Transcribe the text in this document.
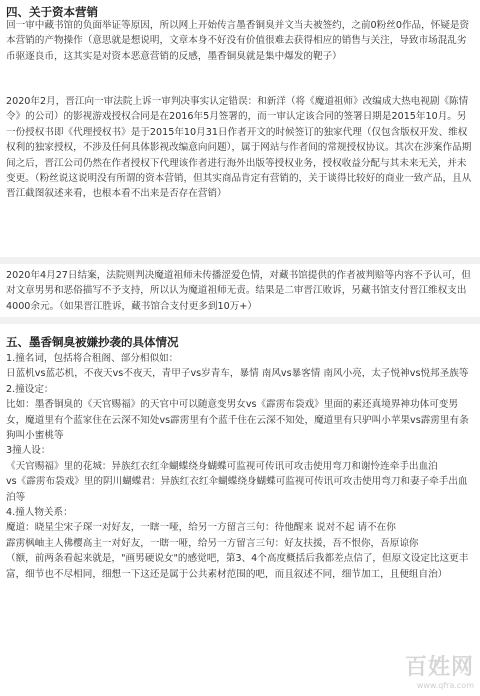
四、关于资本营销
回一审中藏书馆的负面举证等原因，所以网上开始传言墨香铜臭并文当夫被签约，之前0粉丝0作品，怀疑是资本营销的产物操作（意思就是想说明，文章本身不好没有价值很难去获得相应的销售与关注，导致市场混乱劣币驱逐良币，这其实是对资本恶意营销的反感，墨香铜臭就是集中爆发的靶子）
2020年2月，晋江向一审法院上诉一审判决事实认定错误：和新洋（将《魔道祖师》改编成大热电视剧《陈情令》的公司）的影视游戏授权合同是在2016年5月签署的，而一审认定该合同的签署日期是2015年10月。另一份授权书即《代理授权书》是于2015年10月31日作者开文的时候签订的独家代理（仅包含版权开发、维权权利的独家授权，不涉及任何具体影视改编意向问题），属于网站与作者间的常规授权协议。其次在涉案作品期间之后，晋江公司仍然在作者授权下代理该作者进行海外出版等授权业务，授权收益分配与其未来无关，并未变更。（粉丝说这说明没有所谓的资本营销，但其实商品肯定有营销的，关于谈得比较好的商业一致产品，且从晋江截图叙述来看，也根本看不出来是否存在营销）
2020年4月27日结案，法院则判决魔道祖师未传播涩爱色情，对藏书馆提供的作者被判赔等内容不予认可，但对文章男男和恶俗描写不予支持，所以认为魔道祖师无责。结果是二审晋江败诉，另藏书馆支付晋江维权支出4000余元。（如果晋江胜诉，藏书馆合支付更多到10万+）
五、墨香铜臭被嫌抄袭的具体情况
1.撞名词，包括将合租阁、部分相似如：
日蓝机vs蓝芯机，不夜天vs不夜天，青甲子vs岁青车，暴情 南风vs暴客情 南风小亮，太子悦神vs悦邦圣族等
2.撞设定：
比如：墨香铜臭的《天官赐福》的天官中可以随意变男女vs《霹雳布袋戏》里面的素还真境界神功体可变男女，魔道里有个蓝家住在云深不知处vs霹雳里有个蓝千住在云深不知处，魔道里有只驴叫小苹果vs霹雳里有条狗叫小蜜桃等
3撞人设：
《天官赐福》里的花城：异族红衣红伞蝴蝶绕身蝴蝶可监视可传讯可攻击使用弯刀和谢怜连牵手出血泊
vs《霹雳布袋戏》里的阴川蝴蝶君：异族红衣红伞蝴蝶绕身蝴蝶可监视可传讯可攻击使用弯刀和妻子牵手出血泊等
4.撞人物关系：
魔道：晓星尘宋子琛一对好友，一瞎一哑，给另一方留言三句：待他醒来 说对不起 请不在你
霹雳枫岫主人佛樱高主一对好友，一瞎一哑，给另一方留言三句：好友扶援，吾不恨你，吾原谅你
（额，前两条看起来就是，"画男硬说女"的感觉吧，第3、4个高度概括后我都差点信了，但原文设定比这更丰富，细节也不尽相同，细想一下这还是属于公共素材范围的吧，而且叙述不同，细节加工，且便组自治）
百姓网
www.qfra.com
